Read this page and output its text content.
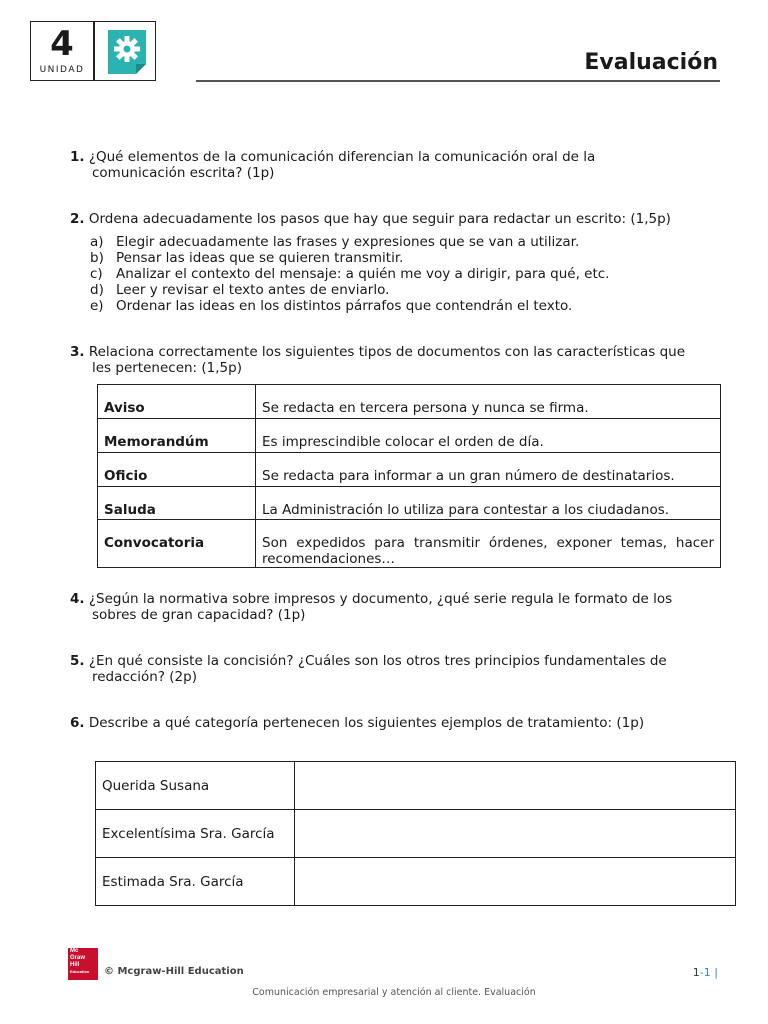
4
UNIDAD	Evaluación
1. ¿Qué elementos de la comunicación diferencian la comunicación oral de la
comunicación escrita? (1p)
2. Ordena adecuadamente los pasos que hay que seguir para redactar un escrito: (1,5p)
a) Elegir adecuadamente las frases y expresiones que se van a utilizar.
b) Pensar las ideas que se quieren transmitir.
c) Analizar el contexto del mensaje: a quién me voy a dirigir, para qué, etc.
d) Leer y revisar el texto antes de enviarlo.
e) Ordenar las ideas en los distintos párrafos que contendrán el texto.
3. Relaciona correctamente los siguientes tipos de documentos con las características que
les pertenecen: (1,5p)
Aviso	Se redacta en tercera persona y nunca se firma.

Memorandúm	Es imprescindible colocar el orden de día.

Oficio	Se redacta para informar a un gran número de destinatarios.

Saluda	La Administración lo utiliza para contestar a los ciudadanos.

Convocatoria	Son expedidos para transmitir órdenes, exponer temas, hacer recomendaciones…
4. ¿Según la normativa sobre impresos y documento, ¿qué serie regula le formato de los
sobres de gran capacidad? (1p)
5. ¿En qué consiste la concisión? ¿Cuáles son los otros tres principios fundamentales de
redacción? (2p)
6. Describe a qué categoría pertenecen los siguientes ejemplos de tratamiento: (1p)
Querida Susana	
Excelentísima Sra. García	
Estimada Sra. García	
Mc
Graw
Hill
Education	© Mcgraw-Hill Education	1-1 |
Comunicación empresarial y atención al cliente. Evaluación
